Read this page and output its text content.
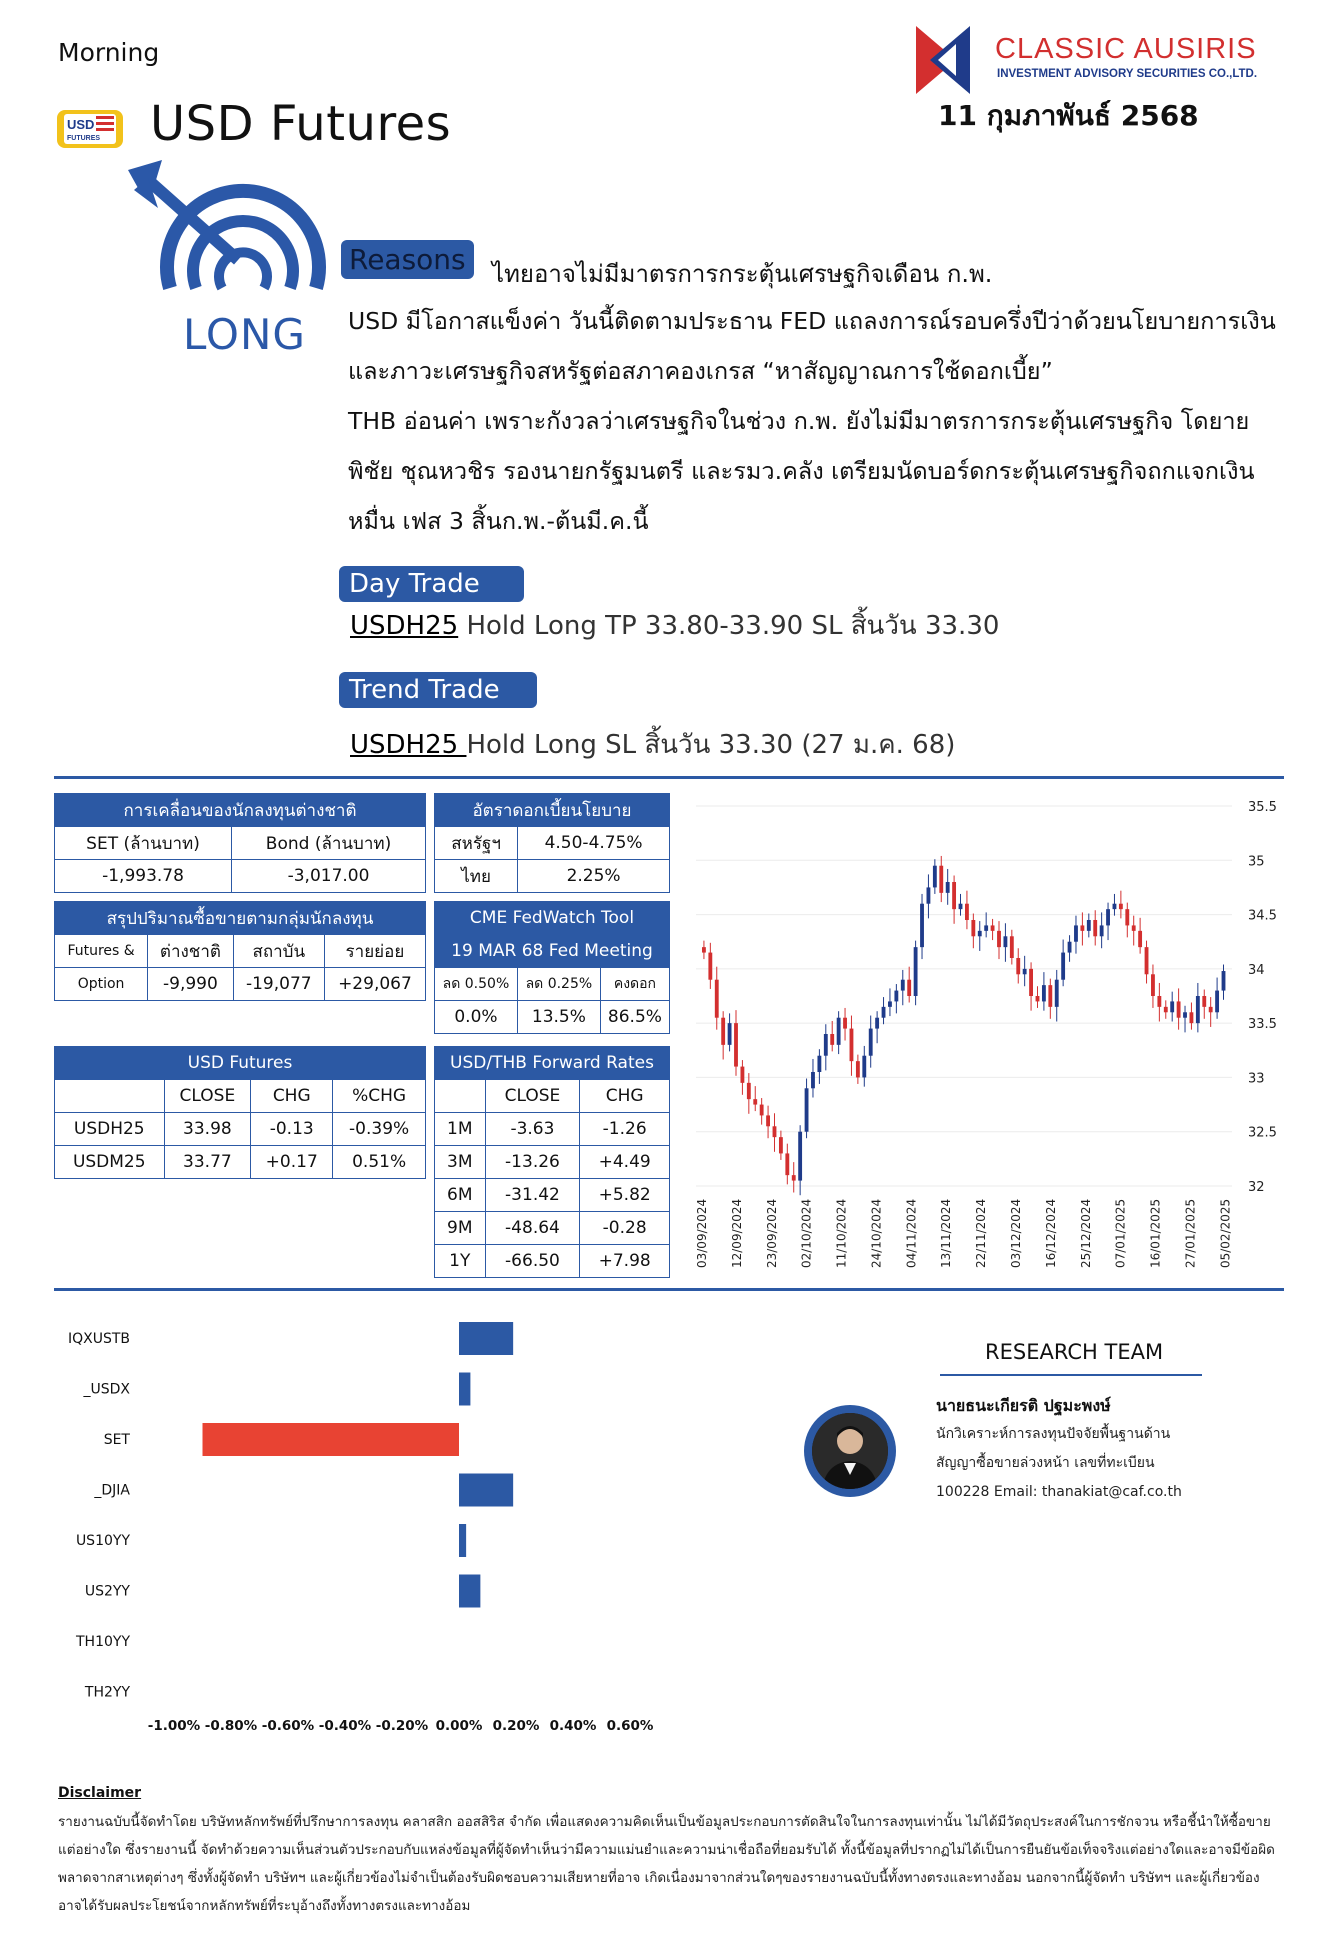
Morning
USD
FUTURES USD Futures
CLASSIC AUSIRIS
INVESTMENT ADVISORY SECURITIES CO.,LTD.
11 กุมภาพันธ์ 2568
LONG
Reasons	ไทยอาจไม่มีมาตรการกระตุ้นเศรษฐกิจเดือน ก.พ.
USD มีโอกาสแข็งค่า วันนี้ติดตามประธาน FED แถลงการณ์รอบครึ่งปีว่าด้วยนโยบายการเงินและภาวะเศรษฐกิจสหรัฐต่อสภาคองเกรส “หาสัญญาณการใช้ดอกเบี้ย”
THB อ่อนค่า เพราะกังวลว่าเศรษฐกิจในช่วง ก.พ. ยังไม่มีมาตรการกระตุ้นเศรษฐกิจ โดยายพิชัย ชุณหวชิร รองนายกรัฐมนตรี และรมว.คลัง เตรียมนัดบอร์ดกระตุ้นเศรษฐกิจถกแจกเงินหมื่น เฟส 3 สิ้นก.พ.-ต้นมี.ค.นี้
Day Trade
USDH25 Hold Long TP 33.80-33.90 SL สิ้นวัน 33.30
Trend Trade
USDH25 Hold Long SL สิ้นวัน 33.30 (27 ม.ค. 68)
การเคลื่อนของนักลงทุนต่างชาติ	
SET (ล้านบาท)	Bond (ล้านบาท)
-1,993.78	-3,017.00
อัตราดอกเบี้ยนโยบาย	
สหรัฐฯ	4.50-4.75%
ไทย	2.25%
สรุปปริมาณซื้อขายตามกลุ่มนักลงทุน			
Futures &	ต่างชาติ	สถาบัน	รายย่อย
Option	-9,990	-19,077	+29,067
CME FedWatch Tool		
19 MAR 68 Fed Meeting		
ลด 0.50%	ลด 0.25%	คงดอก
0.0%	13.5%	86.5%
USD Futures			
	CLOSE	CHG	%CHG
USDH25	33.98	-0.13	-0.39%
USDM25	33.77	+0.17	0.51%
USD/THB Forward Rates		
	CLOSE	CHG
1M	-3.63	-1.26
3M	-13.26	+4.49
6M	-31.42	+5.82
9M	-48.64	-0.28
1Y	-66.50	+7.98
35.5
35
34.5
34
33.5
33
32.5
32
03/09/2024 12/09/2024 23/09/2024 02/10/2024 11/10/2024 24/10/2024 04/11/2024 13/11/2024 22/11/2024 03/12/2024 16/12/2024 25/12/2024 07/01/2025 16/01/2025 27/01/2025 05/02/2025
IQXUSTB
_USDX
SET
_DJIA
US10YY
US2YY
TH10YY
TH2YY
-1.00% -0.80% -0.60% -0.40% -0.20% 0.00% 0.20% 0.40% 0.60%
RESEARCH TEAM
นายธนะเกียรติ ปฐมะพงษ์
นักวิเคราะห์การลงทุนปัจจัยพื้นฐานด้าน
สัญญาซื้อขายล่วงหน้า เลขที่ทะเบียน
100228 Email: thanakiat@caf.co.th
Disclaimer
รายงานฉบับนี้จัดทำโดย บริษัทหลักทรัพย์ที่ปรึกษาการลงทุน คลาสสิก ออสสิริส จำกัด เพื่อแสดงความคิดเห็นเป็นข้อมูลประกอบการตัดสินใจในการลงทุนเท่านั้น ไม่ได้มีวัตถุประสงค์ในการชักจวน หรือชี้นำให้ซื้อขายแต่อย่างใด ซึ่งรายงานนี้ จัดทำด้วยความเห็นส่วนตัวประกอบกับแหล่งข้อมูลที่ผู้จัดทำเห็นว่ามีความแม่นยำและความน่าเชื่อถือที่ยอมรับได้ ทั้งนี้ข้อมูลที่ปรากฏไม่ได้เป็นการยืนยันข้อเท็จจริงแต่อย่างใดและอาจมีข้อผิดพลาดจากสาเหตุต่างๆ ซึ่งทั้งผู้จัดทำ บริษัทฯ และผู้เกี่ยวข้องไม่จำเป็นต้องรับผิดชอบความเสียหายที่อาจ เกิดเนื่องมาจากส่วนใดๆของรายงานฉบับนี้ทั้งทางตรงและทางอ้อม นอกจากนี้ผู้จัดทำ บริษัทฯ และผู้เกี่ยวข้อง อาจได้รับผลประโยชน์จากหลักทรัพย์ที่ระบุอ้างถึงทั้งทางตรงและทางอ้อม
